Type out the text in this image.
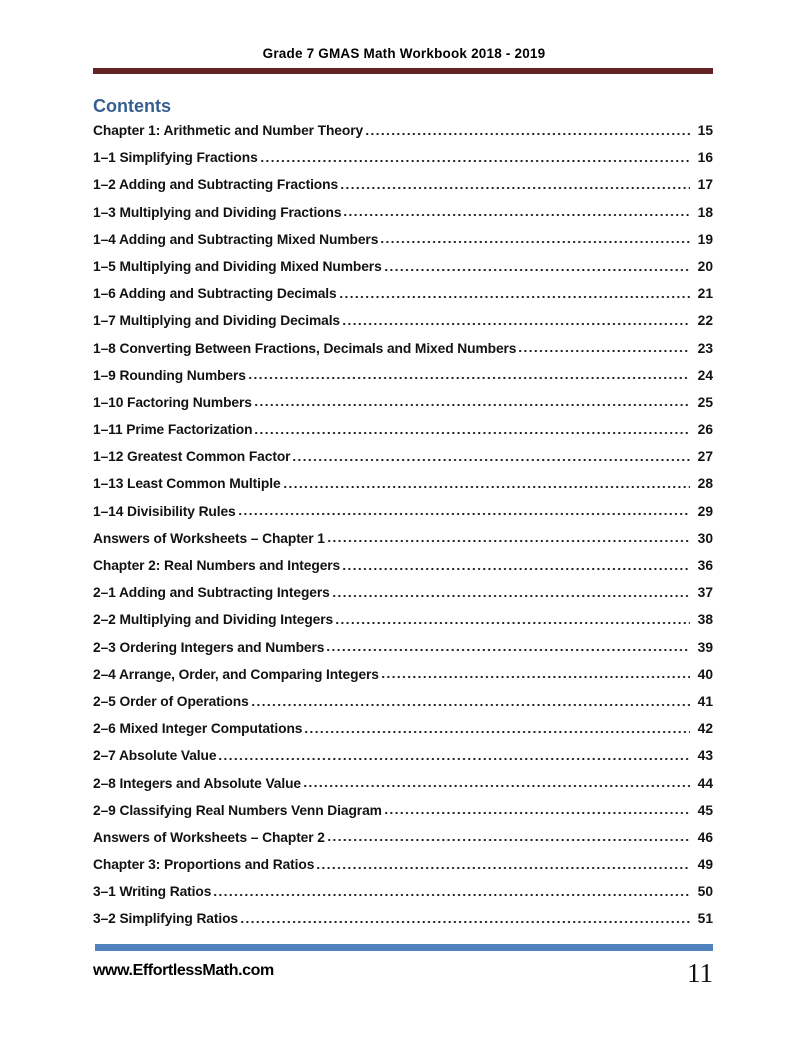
Grade 7 GMAS Math Workbook 2018 - 2019
Contents
Chapter 1: Arithmetic and Number Theory	15
1–1 Simplifying Fractions	16
1–2 Adding and Subtracting Fractions	17
1–3 Multiplying and Dividing Fractions	18
1–4 Adding and Subtracting Mixed Numbers	19
1–5 Multiplying and Dividing Mixed Numbers	20
1–6 Adding and Subtracting Decimals	21
1–7 Multiplying and Dividing Decimals	22
1–8 Converting Between Fractions, Decimals and Mixed Numbers	23
1–9 Rounding Numbers	24
1–10 Factoring Numbers	25
1–11 Prime Factorization	26
1–12 Greatest Common Factor	27
1–13 Least Common Multiple	28
1–14 Divisibility Rules	29
Answers of Worksheets – Chapter 1	30
Chapter 2: Real Numbers and Integers	36
2–1 Adding and Subtracting Integers	37
2–2 Multiplying and Dividing Integers	38
2–3 Ordering Integers and Numbers	39
2–4 Arrange, Order, and Comparing Integers	40
2–5 Order of Operations	41
2–6 Mixed Integer Computations	42
2–7 Absolute Value	43
2–8 Integers and Absolute Value	44
2–9 Classifying Real Numbers Venn Diagram	45
Answers of Worksheets – Chapter 2	46
Chapter 3: Proportions and Ratios	49
3–1 Writing Ratios	50
3–2 Simplifying Ratios	51
www.EffortlessMath.com	11
